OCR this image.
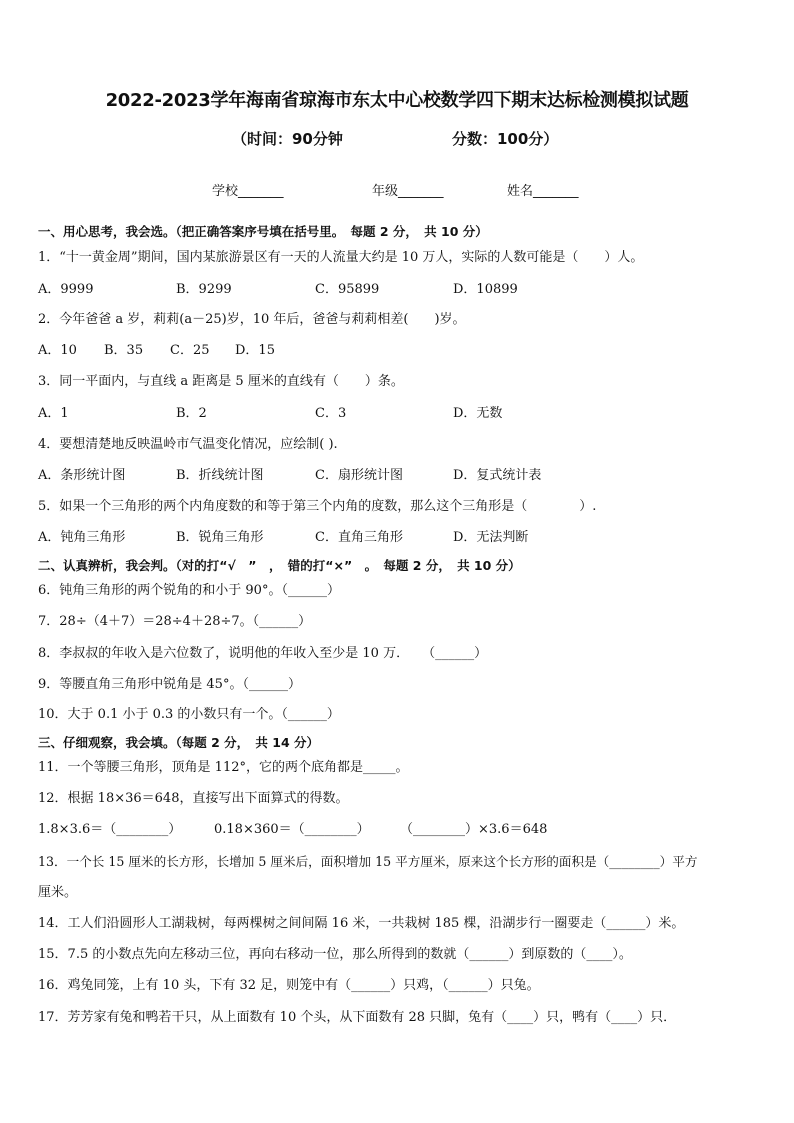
2022-2023学年海南省琼海市东太中心校数学四下期末达标检测模拟试题
（时间：90分钟	分数：100分）
学校_______	年级_______	姓名_______
一、用心思考，我会选。（把正确答案序号填在括号里。　每题 2 分，　共 10 分）
1．“十一黄金周”期间，国内某旅游景区有一天的人流量大约是 10 万人，实际的人数可能是（　　）人。
A．9999	B．9299	C．95899	D．10899
2．今年爸爸 a 岁，莉莉(a－25)岁，10 年后，爸爸与莉莉相差(　　)岁。
A．10 B．35 C．25 D．15
3．同一平面内，与直线 a 距离是 5 厘米的直线有（　　）条。
A．1	B．2	C．3	D．无数
4．要想清楚地反映温岭市气温变化情况，应绘制( ).
A．条形统计图	B．折线统计图	C．扇形统计图	D．复式统计表
5．如果一个三角形的两个内角度数的和等于第三个内角的度数，那么这个三角形是（　　　　）.
A．钝角三角形	B．锐角三角形	C．直角三角形	D．无法判断
二、认真辨析，我会判。（对的打“√　”　，　错的打“×”　。　每题 2 分，　共 10 分）
6．钝角三角形的两个锐角的和小于 90°。（______）
7．28÷（4＋7）＝28÷4＋28÷7。（______）
8．李叔叔的年收入是六位数了，说明他的年收入至少是 10 万．　　（______）
9．等腰直角三角形中锐角是 45°。（______）
10．大于 0.1 小于 0.3 的小数只有一个。（______）
三、仔细观察，我会填。（每题 2 分，　共 14 分）
11．一个等腰三角形，顶角是 112°，它的两个底角都是_____。
12．根据 18×36＝648，直接写出下面算式的得数。
1.8×3.6＝（________）	0.18×360＝（________） （________）×3.6＝648
13．一个长 15 厘米的长方形，长增加 5 厘米后，面积增加 15 平方厘米，原来这个长方形的面积是（________）平方
厘米。
14．工人们沿圆形人工湖栽树，每两棵树之间间隔 16 米，一共栽树 185 棵，沿湖步行一圈要走（______）米。
15．7.5 的小数点先向左移动三位，再向右移动一位，那么所得到的数就（______）到原数的（____）。
16．鸡兔同笼，上有 10 头，下有 32 足，则笼中有（______）只鸡，（______）只兔。
17．芳芳家有兔和鸭若干只，从上面数有 10 个头，从下面数有 28 只脚，兔有（____）只，鸭有（____）只．
